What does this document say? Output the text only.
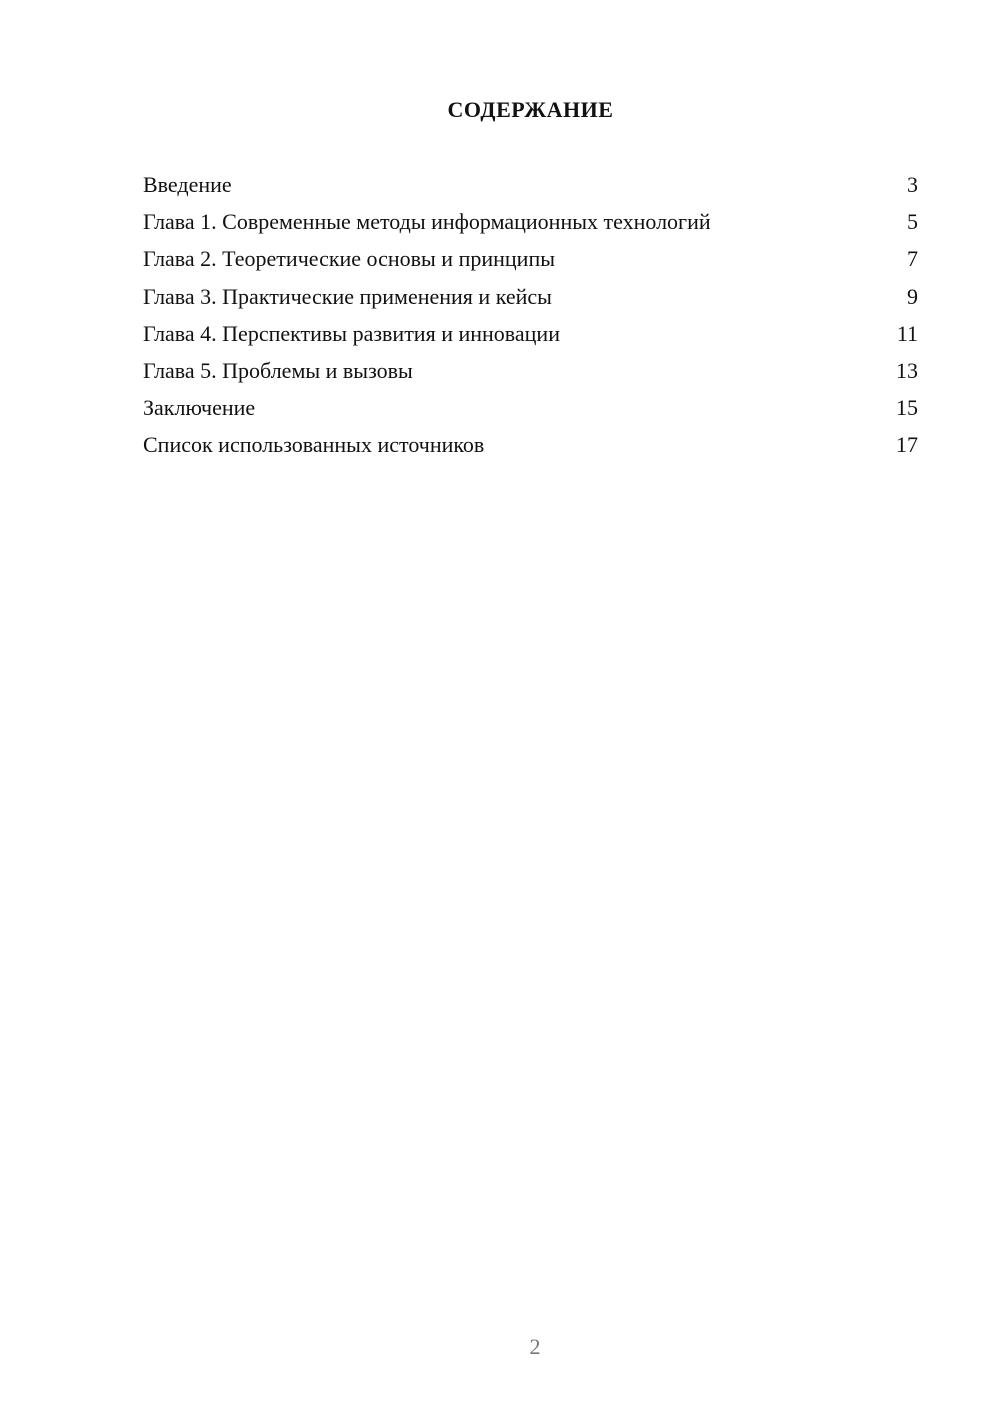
СОДЕРЖАНИЕ
Введение	3
Глава 1. Современные методы информационных технологий	5
Глава 2. Теоретические основы и принципы	7
Глава 3. Практические применения и кейсы	9
Глава 4. Перспективы развития и инновации	11
Глава 5. Проблемы и вызовы	13
Заключение	15
Список использованных источников	17
2
